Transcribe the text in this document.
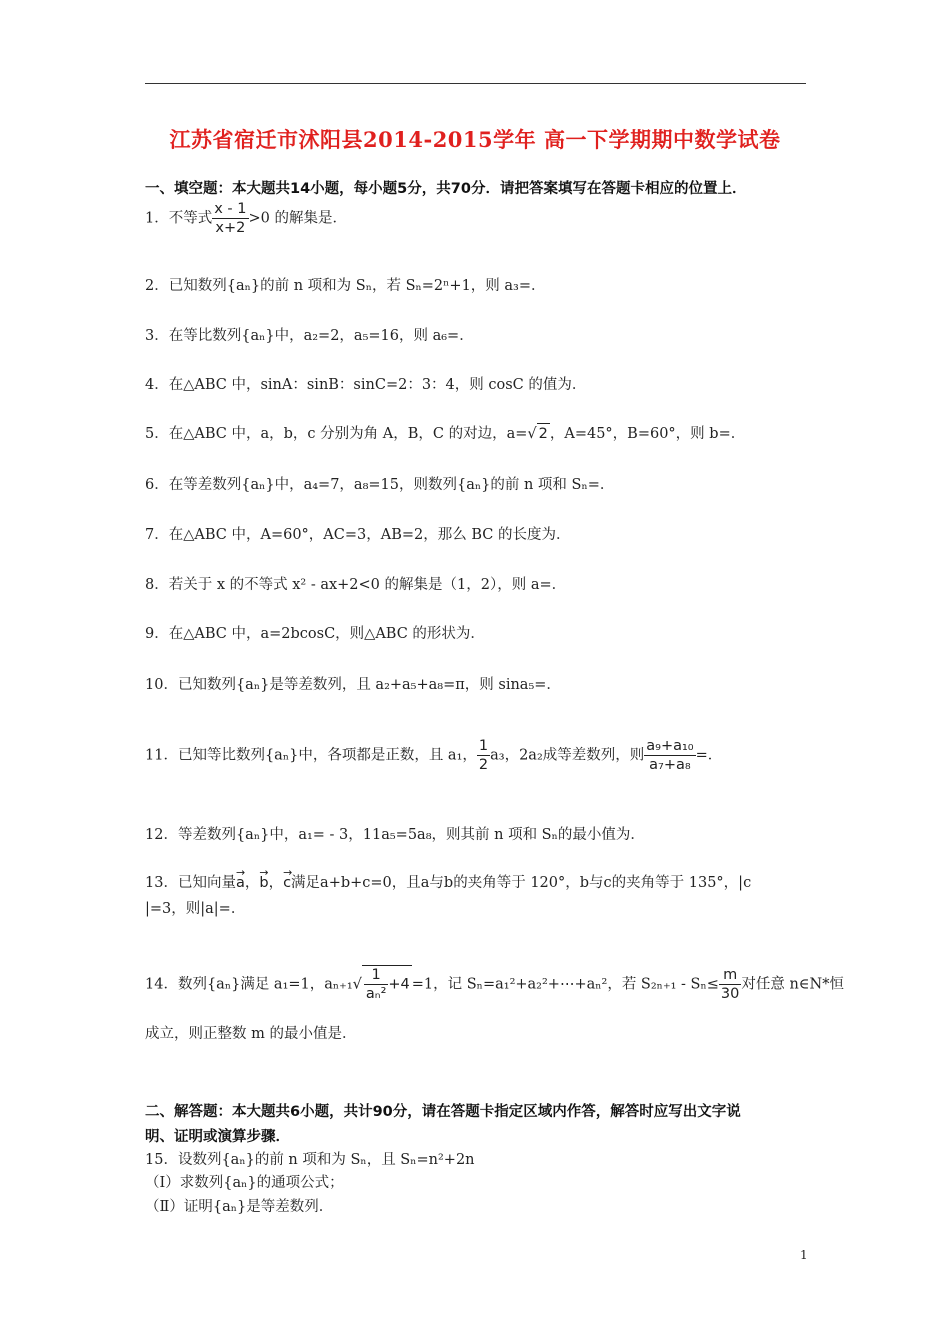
江苏省宿迁市沭阳县2014-2015学年 高一下学期期中数学试卷
一、填空题：本大题共14小题，每小题5分，共70分．请把答案填写在答题卡相应的位置上．
1．不等式 $\frac{x - 1}{x+2} >0$ 的解集是．
2．已知数列{aₙ}的前 n 项和为 Sₙ，若 Sₙ=2ⁿ+1，则 a₃=．
3．在等比数列{aₙ}中，a₂=2，a₅=16，则 a₆=．
4．在△ABC 中，sinA：sinB：sinC=2：3：4，则 cosC 的值为．
5．在△ABC 中，a，b，c 分别为角 A，B，C 的对边，a=√ 2 ，A=45°，B=60°，则 b=．
6．在等差数列{aₙ}中，a₄=7，a₈=15，则数列{aₙ}的前 n 项和 Sₙ=．
7．在△ABC 中，A=60°，AC=3，AB=2，那么 BC 的长度为．
8．若关于 x 的不等式 x² - ax+2<0 的解集是（1，2），则 a=．
9．在△ABC 中，a=2bcosC，则△ABC 的形状为．
10．已知数列{aₙ}是等差数列，且 a₂+a₅+a₈=π，则 sina₅=．
11．已知等比数列{aₙ}中，各项都是正数，且 a₁， $\frac{1}{2} a_3$，2a₂成等差数列，则 $\frac{\text{a₉+a₁₀}}{\text{a₇+a₈}}$ =．
12．等差数列{aₙ}中，a₁= - 3，11a₅=5a₈，则其前 n 项和 Sₙ的最小值为．
13．已知向量→ a，→ b，→ c满足a+b+c=0，且a与b的夹角等于 120°，b与c的夹角等于 135°，|c
|=3，则|a|=．
14．数列{aₙ}满足 a₁=1，$a_{n+1}√ \frac{1}{\text{aₙ²}} +4 =1$，记 Sₙ=a₁²+a₂²+⋯+aₙ²，若 $S_{2n+1} - S_n\le \frac{m}{30}$ 对任意 n∈N*恒
成立，则正整数 m 的最小值是．
二、解答题：本大题共6小题，共计90分，请在答题卡指定区域内作答，解答时应写出文字说
明、证明或演算步骤．
15．设数列{aₙ}的前 n 项和为 Sₙ，且 Sₙ=n²+2n
（Ⅰ）求数列{aₙ}的通项公式；
（Ⅱ）证明{aₙ}是等差数列．
1
